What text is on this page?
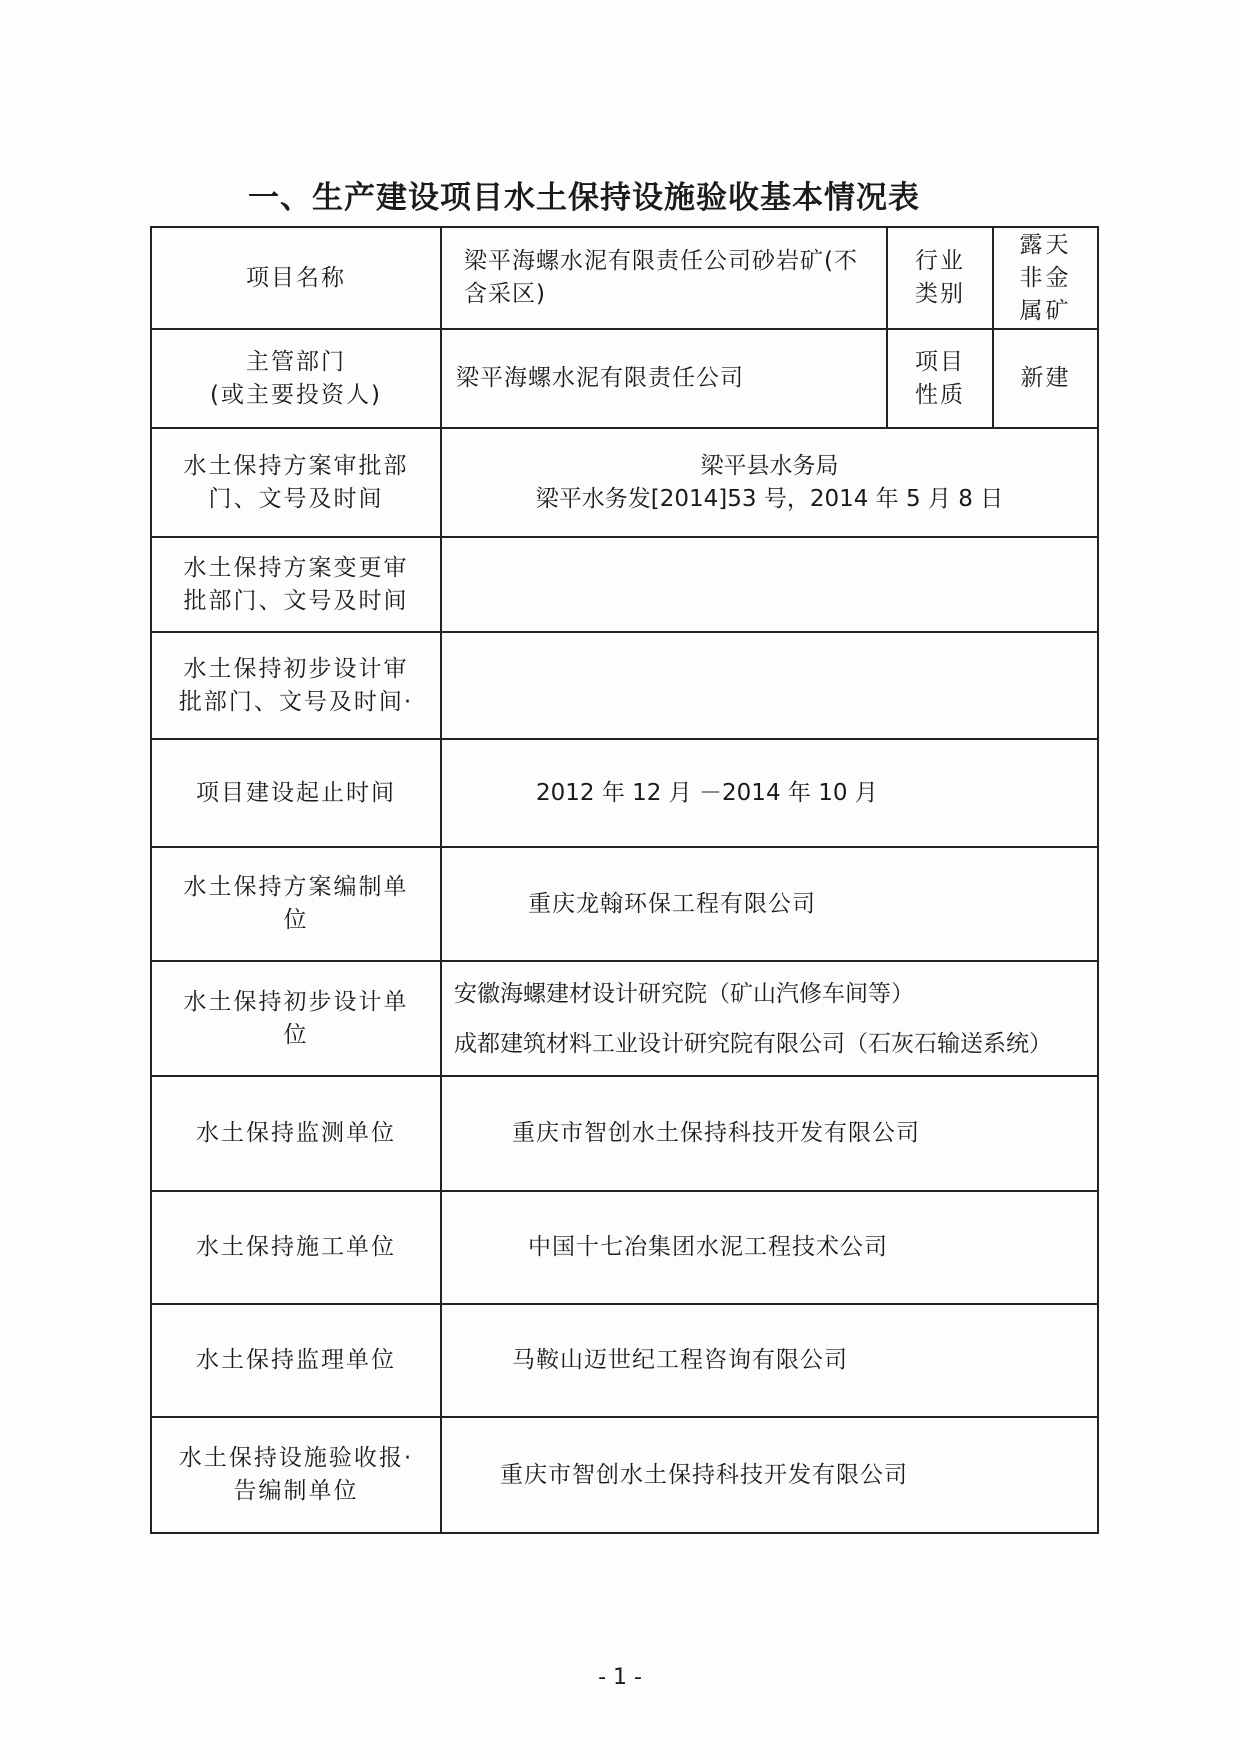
一、生产建设项目水土保持设施验收基本情况表
项目名称	梁平海螺水泥有限责任公司砂岩矿(不含采区)	行业类别	露天非金属矿

主管部门
(或主要投资人)	梁平海螺水泥有限责任公司	项目性质	新建

水土保持方案审批部
门、文号及时间	梁平县水务局
梁平水务发[2014]53 号，2014 年 5 月 8 日		

水土保持方案变更审
批部门、文号及时间			

水土保持初步设计审
批部门、文号及时间·			

项目建设起止时间	2012 年 12 月 －2014 年 10 月		

水土保持方案编制单
位	重庆龙翰环保工程有限公司		

水土保持初步设计单
位	安徽海螺建材设计研究院（矿山汽修车间等）
成都建筑材料工业设计研究院有限公司（石灰石输送系统）		

水土保持监测单位	重庆市智创水土保持科技开发有限公司		
水土保持施工单位	中国十七冶集团水泥工程技术公司		
水土保持监理单位	马鞍山迈世纪工程咨询有限公司		

水土保持设施验收报·
告编制单位	重庆市智创水土保持科技开发有限公司		
- 1 -
